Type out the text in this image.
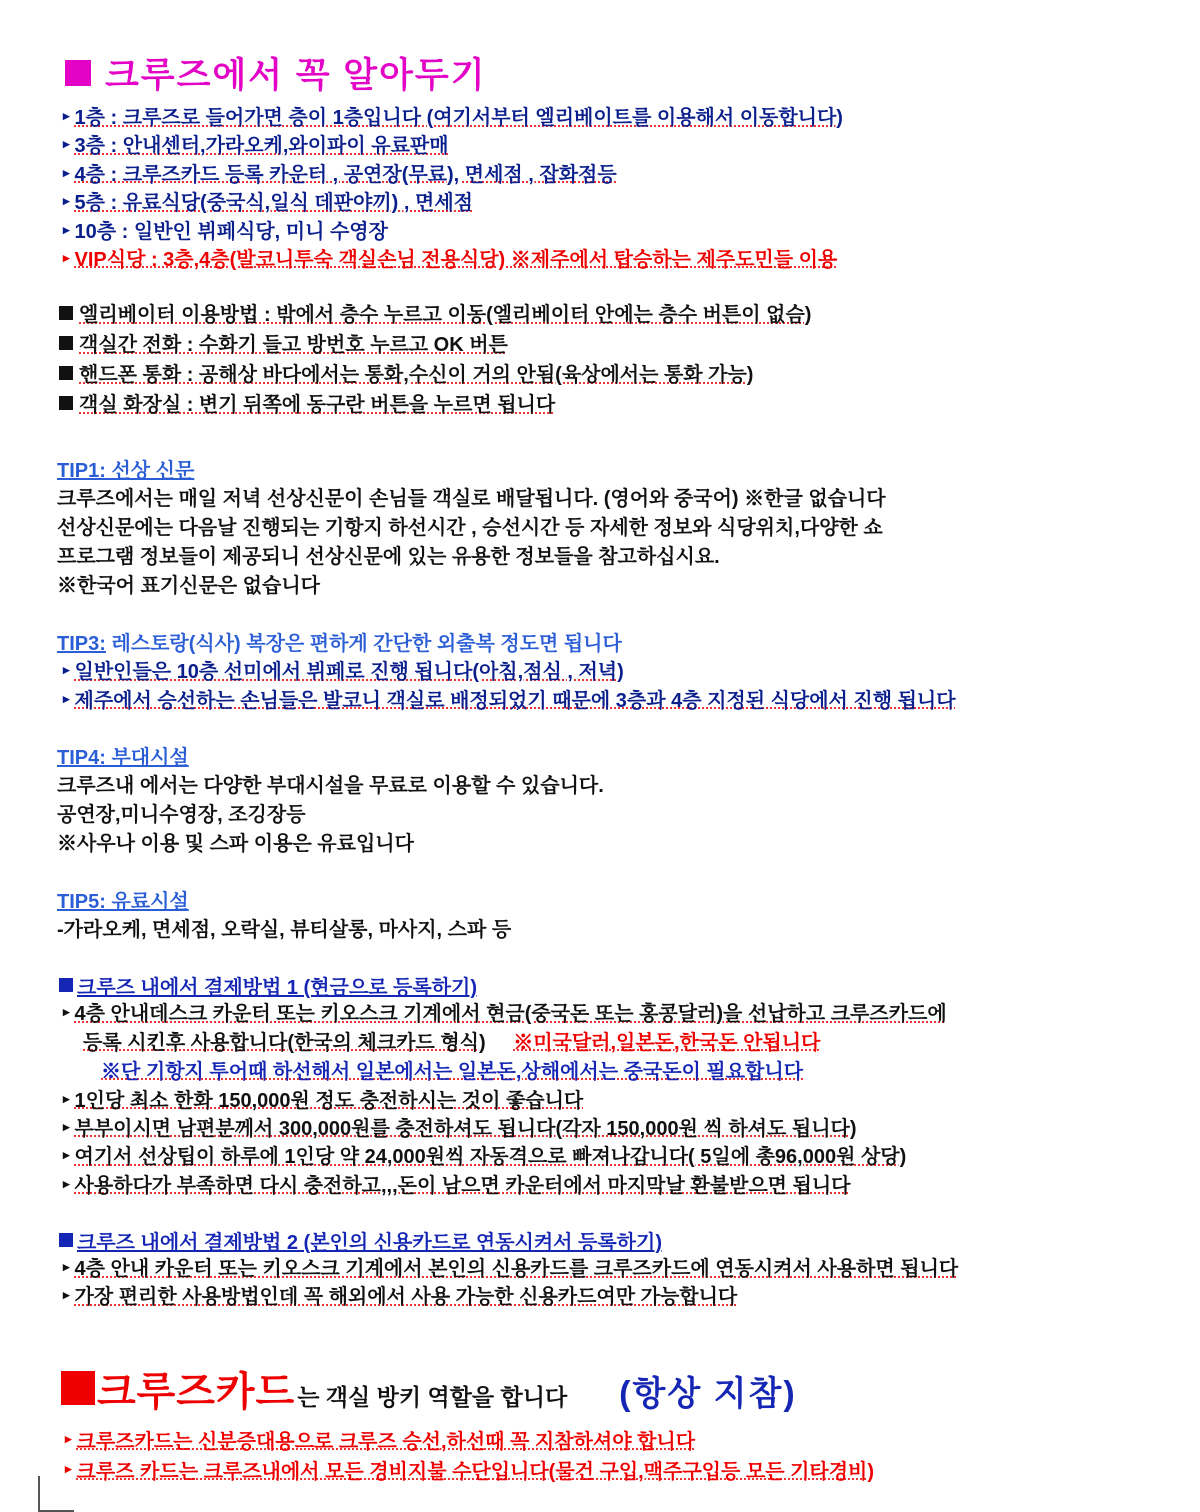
크루즈에서 꼭 알아두기
▸ 1층 : 크루즈로 들어가면 층이 1층입니다 (여기서부터 엘리베이트를 이용해서 이동합니다)
▸ 3층 : 안내센터,가라오케,와이파이 유료판매
▸ 4층 : 크루즈카드 등록 카운터 , 공연장(무료), 면세점 , 잡화점등
▸ 5층 : 유료식당(중국식,일식 데판야끼) , 면세점
▸ 10층 : 일반인 뷔페식당, 미니 수영장
▸ VIP식당 : 3층,4층(발코니투숙 객실손님 전용식당) ※제주에서 탑승하는 제주도민들 이용
엘리베이터 이용방법 : 밖에서 층수 누르고 이동(엘리베이터 안에는 층수 버튼이 없슴)
객실간 전화 : 수화기 들고 방번호 누르고 OK 버튼
핸드폰 통화 : 공해상 바다에서는 통화,수신이 거의 안됨(육상에서는 통화 가능)
객실 화장실 : 변기 뒤쪽에 동구란 버튼을 누르면 됩니다
TIP1: 선상 신문
크루즈에서는 매일 저녁 선상신문이 손님들 객실로 배달됩니다. (영어와 중국어) ※한글 없습니다
선상신문에는 다음날 진행되는 기항지 하선시간 , 승선시간 등 자세한 정보와 식당위치,다양한 쇼
프로그램 정보들이 제공되니 선상신문에 있는 유용한 정보들을 참고하십시요.
※한국어 표기신문은 없습니다
TIP3: 레스토랑(식사) 복장은 편하게 간단한 외출복 정도면 됩니다
▸ 일반인들은 10층 선미에서 뷔페로 진행 됩니다(아침,점심 , 저녁)
▸ 제주에서 승선하는 손님들은 발코니 객실로 배정되었기 때문에 3층과 4층 지정된 식당에서 진행 됩니다
TIP4: 부대시설
크루즈내 에서는 다양한 부대시설을 무료로 이용할 수 있습니다.
공연장,미니수영장, 조깅장등
※사우나 이용 및 스파 이용은 유료입니다
TIP5: 유료시설
-가라오케, 면세점, 오락실, 뷰티살롱, 마사지, 스파 등
크루즈 내에서 결제방법 1 (현금으로 등록하기)
▸ 4층 안내데스크 카운터 또는 키오스크 기계에서 현금(중국돈 또는 홍콩달러)을 선납하고 크루즈카드에
등록 시킨후 사용합니다(한국의 체크카드 형식) ※미국달러,일본돈,한국돈 안됩니다
※단 기항지 투어때 하선해서 일본에서는 일본돈,상해에서는 중국돈이 필요합니다
▸ 1인당 최소 한화 150,000원 정도 충전하시는 것이 좋습니다
▸ 부부이시면 남편분께서 300,000원를 충전하셔도 됩니다(각자 150,000원 씩 하셔도 됩니다)
▸ 여기서 선상팁이 하루에 1인당 약 24,000원씩 자동격으로 빠져나갑니다( 5일에 총96,000원 상당)
▸ 사용하다가 부족하면 다시 충전하고,,,돈이 남으면 카운터에서 마지막날 환불받으면 됩니다
크루즈 내에서 결제방법 2 (본인의 신용카드로 연동시켜서 등록하기)
▸ 4층 안내 카운터 또는 키오스크 기계에서 본인의 신용카드를 크루즈카드에 연동시켜서 사용하면 됩니다
▸ 가장 편리한 사용방법인데 꼭 해외에서 사용 가능한 신용카드여만 가능합니다
크루즈카드 는 객실 방키 역할을 합니다 (항상 지참)
▸ 크루즈카드는 신분증대용으로 크루즈 승선,하선때 꼭 지참하셔야 합니다
▸ 크루즈 카드는 크루즈내에서 모든 경비지불 수단입니다(물건 구입,맥주구입등 모든 기타경비)
